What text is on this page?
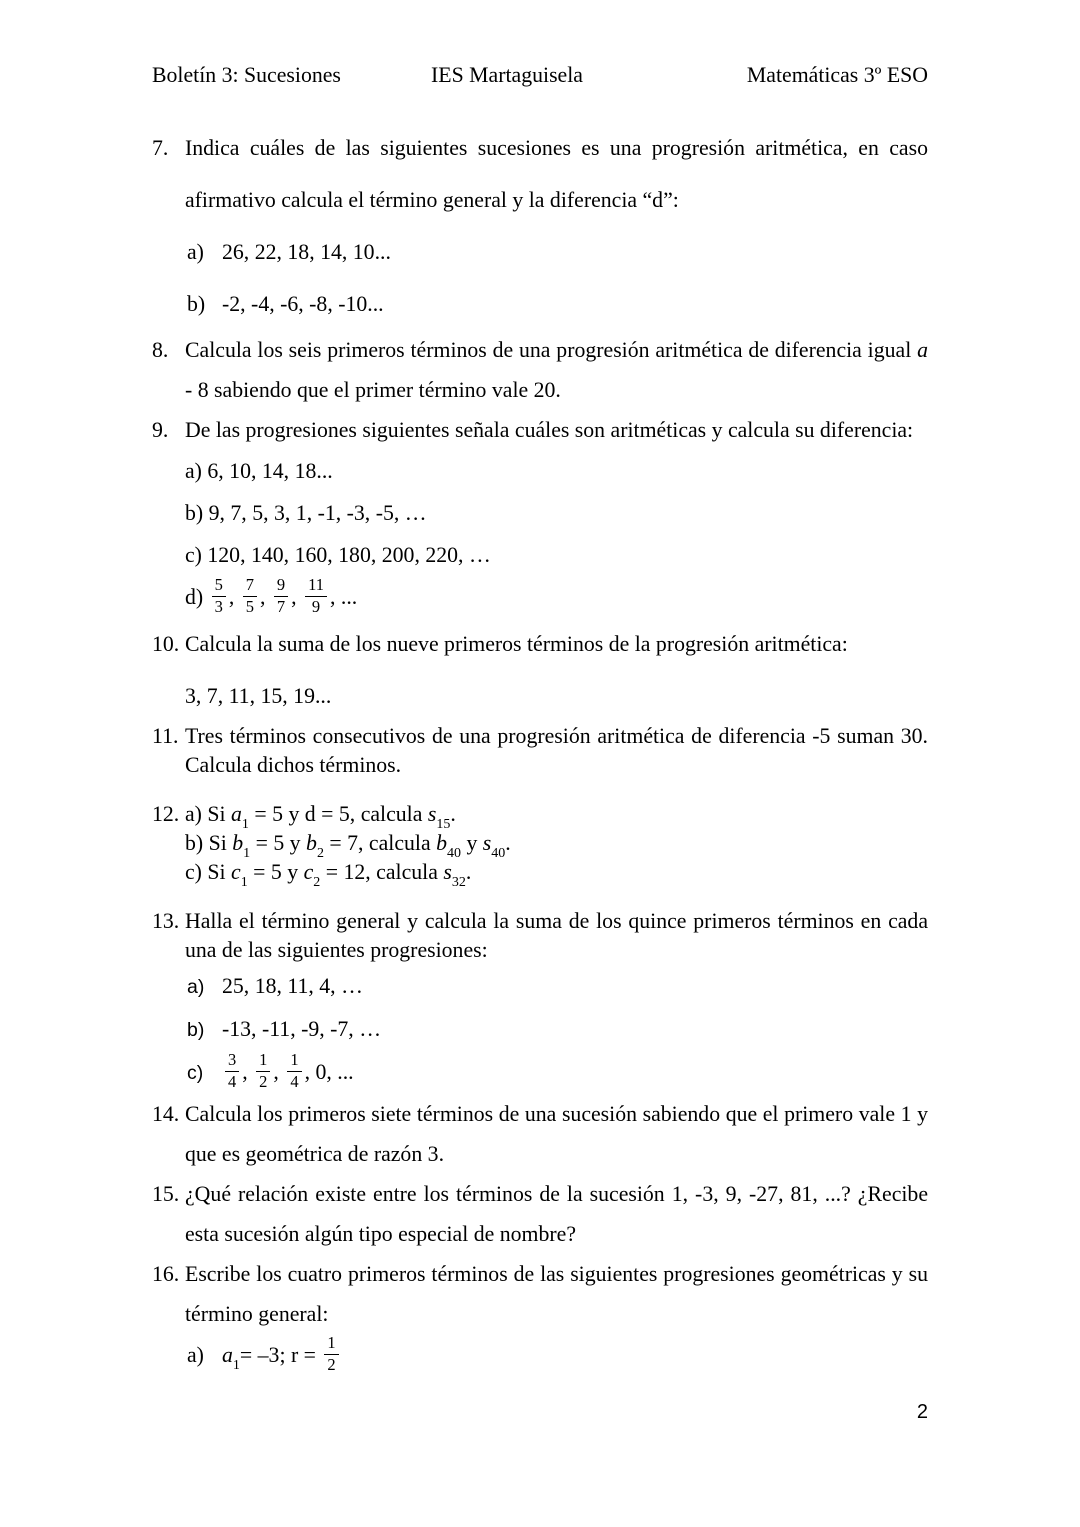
Boletín 3: Sucesiones	IES Martaguisela	Matemáticas 3º ESO
7. Indica cuáles de las siguientes sucesiones es una progresión aritmética, en caso afirmativo calcula el término general y la diferencia “d”:
a) 26, 22, 18, 14, 10...
b) -2, -4, -6, -8, -10...
8. Calcula los seis primeros términos de una progresión aritmética de diferencia igual a - 8 sabiendo que el primer término vale 20.
9. De las progresiones siguientes señala cuáles son aritméticas y calcula su diferencia:
a) 6, 10, 14, 18...
b) 9, 7, 5, 3, 1, -1, -3, -5, …
c) 120, 140, 160, 180, 200, 220, …
$d) \frac{5}{3}$ , $\frac{7}{5}$ , $\frac{9}{7}$ , $\frac{11}{9}$ , ...
10. Calcula la suma de los nueve primeros términos de la progresión aritmética:
3, 7, 11, 15, 19...
11. Tres términos consecutivos de una progresión aritmética de diferencia -5 suman 30. Calcula dichos términos.
12. a) Si $a_1 = 5$ y d = 5, calcula $s_{15}$.
b) Si $b_1 = 5$ y $b_2 = 7$, calcula $b_{40}$ y $s_{40}$.
c) Si $c_1 = 5$ y $c_2 = 12$, calcula $s_{32}$.
13. Halla el término general y calcula la suma de los quince primeros términos en cada una de las siguientes progresiones:
a) 25, 18, 11, 4, …
b) -13, -11, -9, -7, …
$c) \frac{3}{4}$ , $\frac{1}{2}$ , $\frac{1}{4}$ , 0, ...
14. Calcula los primeros siete términos de una sucesión sabiendo que el primero vale 1 y que es geométrica de razón 3.
15. ¿Qué relación existe entre los términos de la sucesión 1, -3, 9, -27, 81, ...? ¿Recibe esta sucesión algún tipo especial de nombre?
16. Escribe los cuatro primeros términos de las siguientes progresiones geométricas y su término general:
a) $a_1= -3$; $r = \frac{1}{2}$
2
